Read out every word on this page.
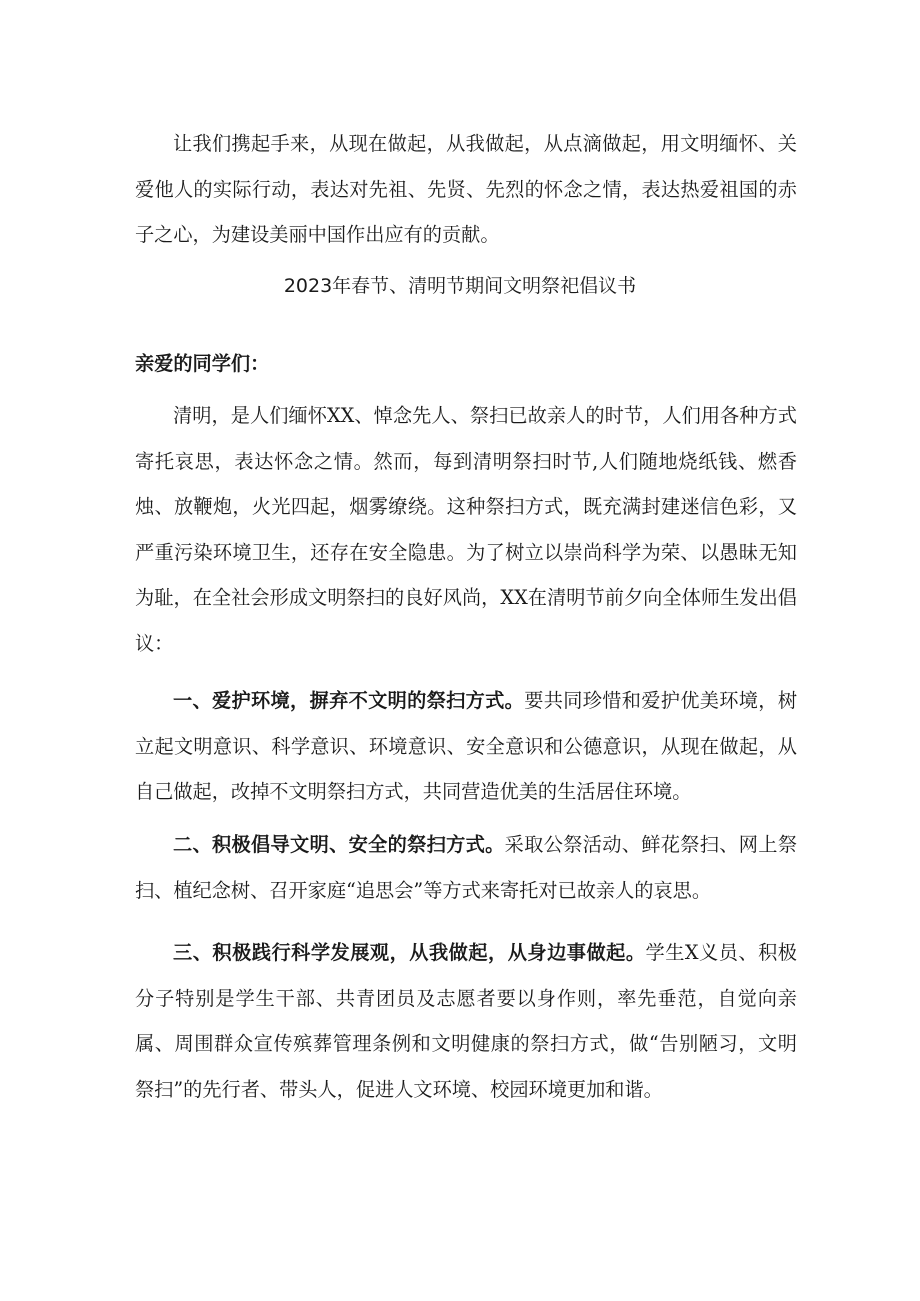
让我们携起手来，从现在做起，从我做起，从点滴做起，用文明缅怀、关爱他人的实际行动，表达对先祖、先贤、先烈的怀念之情，表达热爱祖国的赤子之心，为建设美丽中国作出应有的贡献。

2023年春节、清明节期间文明祭祀倡议书

亲爱的同学们：

清明，是人们缅怀XX、悼念先人、祭扫已故亲人的时节，人们用各种方式寄托哀思，表达怀念之情。然而，每到清明祭扫时节,人们随地烧纸钱、燃香烛、放鞭炮，火光四起，烟雾缭绕。这种祭扫方式，既充满封建迷信色彩，又严重污染环境卫生，还存在安全隐患。为了树立以崇尚科学为荣、以愚昧无知为耻，在全社会形成文明祭扫的良好风尚，XX在清明节前夕向全体师生发出倡议：

一、爱护环境，摒弃不文明的祭扫方式。要共同珍惜和爱护优美环境，树立起文明意识、科学意识、环境意识、安全意识和公德意识，从现在做起，从自己做起，改掉不文明祭扫方式，共同营造优美的生活居住环境。

二、积极倡导文明、安全的祭扫方式。采取公祭活动、鲜花祭扫、网上祭扫、植纪念树、召开家庭“追思会”等方式来寄托对已故亲人的哀思。

三、积极践行科学发展观，从我做起，从身边事做起。学生X义员、积极分子特别是学生干部、共青团员及志愿者要以身作则，率先垂范，自觉向亲属、周围群众宣传殡葬管理条例和文明健康的祭扫方式，做“告别陋习，文明祭扫”的先行者、带头人，促进人文环境、校园环境更加和谐。
